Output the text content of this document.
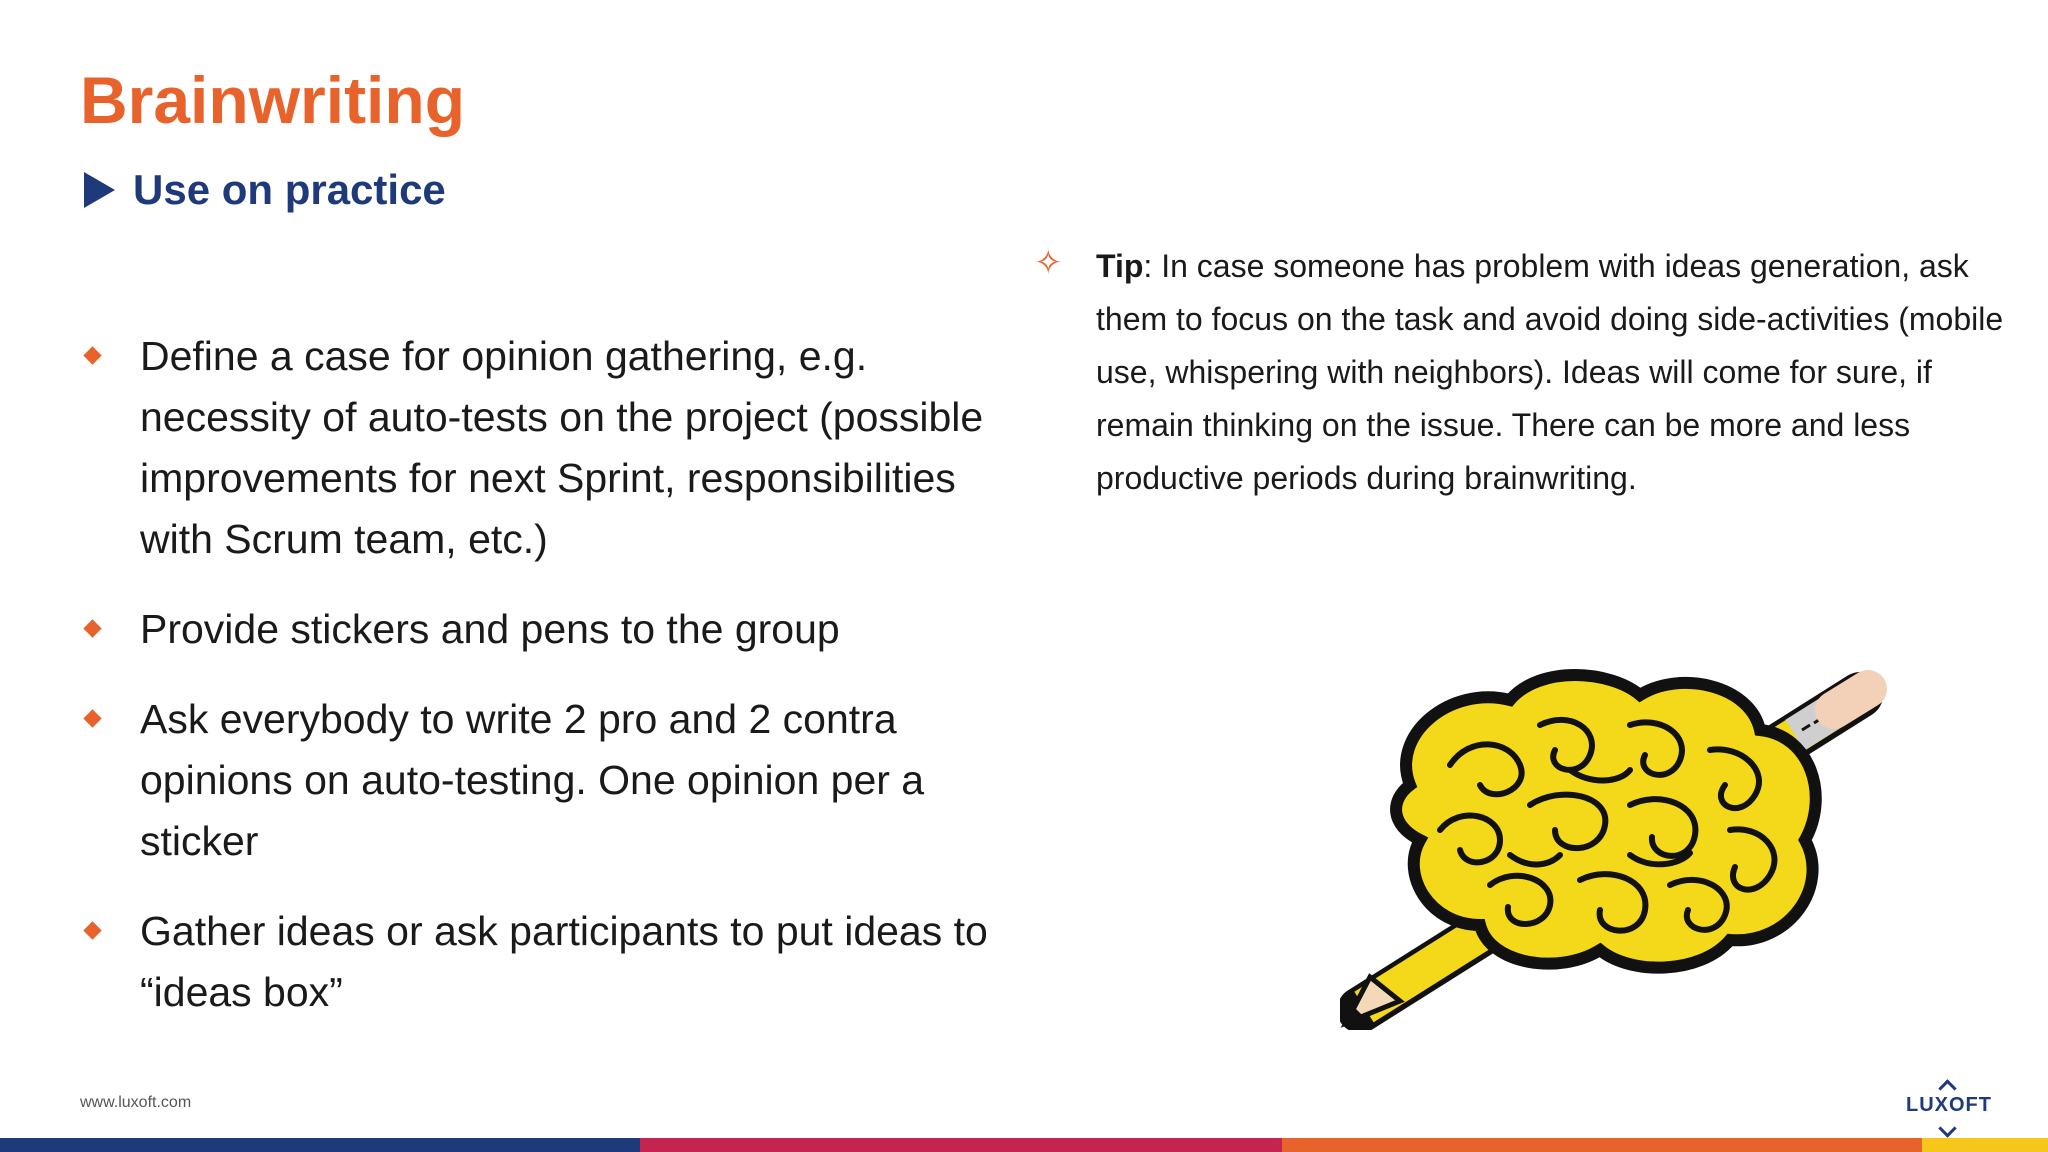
Brainwriting
Use on practice
Define a case for opinion gathering, e.g. necessity of auto-tests on the project (possible improvements for next Sprint, responsibilities with Scrum team, etc.)
Provide stickers and pens to the group
Ask everybody to write 2 pro and 2 contra opinions on auto-testing. One opinion per a sticker
Gather ideas or ask participants to put ideas to “ideas box”
✧ Tip: In case someone has problem with ideas generation, ask them to focus on the task and avoid doing side-activities (mobile use, whispering with neighbors). Ideas will come for sure, if remain thinking on the issue. There can be more and less productive periods during brainwriting.

www.luxoft.com	LUXOFT
